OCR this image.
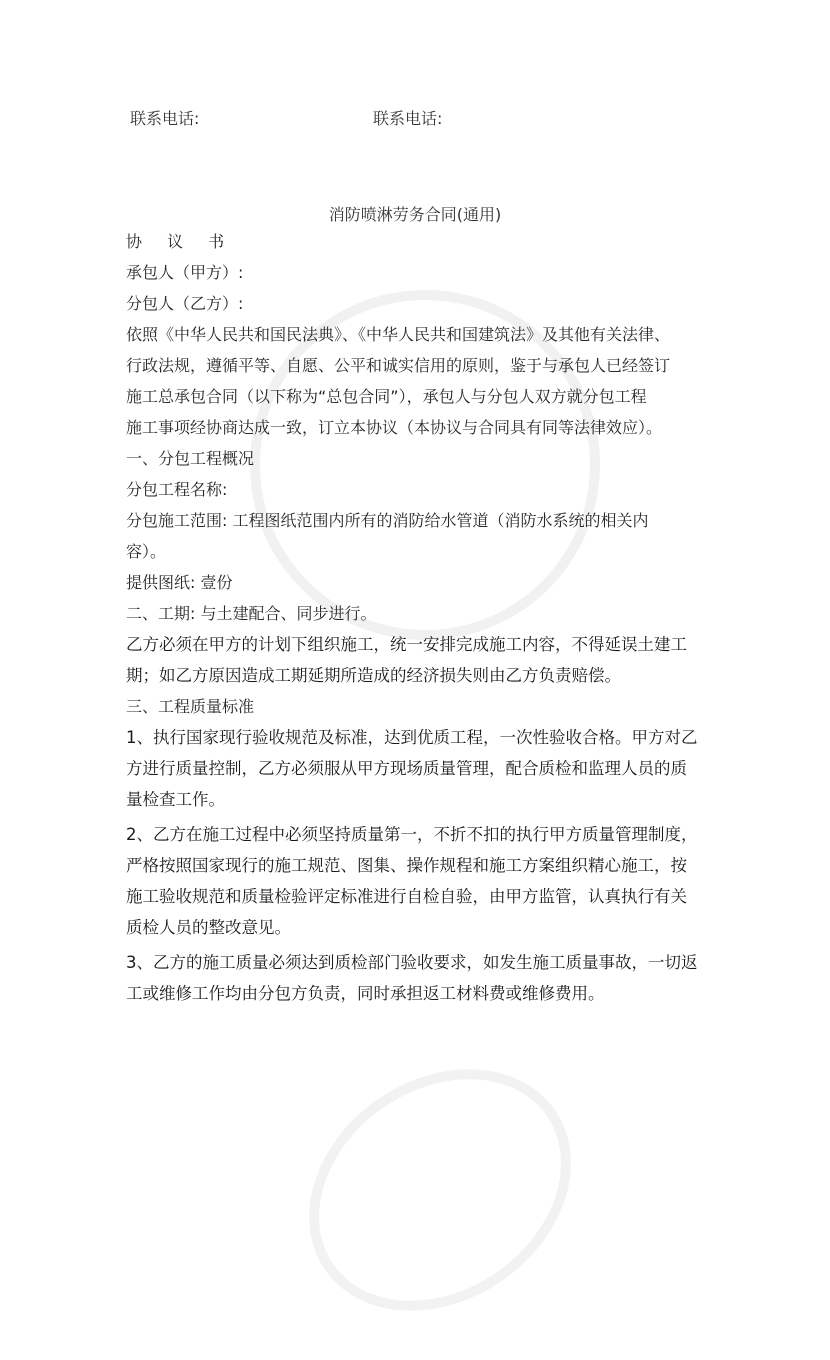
联系电话:	联系电话:
消防喷淋劳务合同(通用)
协 议 书
承包人（甲方）:
分包人（乙方）:
依照《中华人民共和国民法典》、《中华人民共和国建筑法》及其他有关法律、
行政法规，遵循平等、自愿、公平和诚实信用的原则，鉴于与承包人已经签订
施工总承包合同（以下称为“总包合同”），承包人与分包人双方就分包工程
施工事项经协商达成一致，订立本协议（本协议与合同具有同等法律效应）。
一、分包工程概况
分包工程名称:
分包施工范围: 工程图纸范围内所有的消防给水管道（消防水系统的相关内
容）。
提供图纸: 壹份
二、工期: 与土建配合、同步进行。
乙方必须在甲方的计划下组织施工，统一安排完成施工内容，不得延误土建工
期；如乙方原因造成工期延期所造成的经济损失则由乙方负责赔偿。
三、工程质量标准
1、执行国家现行验收规范及标准，达到优质工程，一次性验收合格。甲方对乙
方进行质量控制，乙方必须服从甲方现场质量管理，配合质检和监理人员的质
量检查工作。
2、乙方在施工过程中必须坚持质量第一，不折不扣的执行甲方质量管理制度，
严格按照国家现行的施工规范、图集、操作规程和施工方案组织精心施工，按
施工验收规范和质量检验评定标准进行自检自验，由甲方监管，认真执行有关
质检人员的整改意见。
3、乙方的施工质量必须达到质检部门验收要求，如发生施工质量事故，一切返
工或维修工作均由分包方负责，同时承担返工材料费或维修费用。
